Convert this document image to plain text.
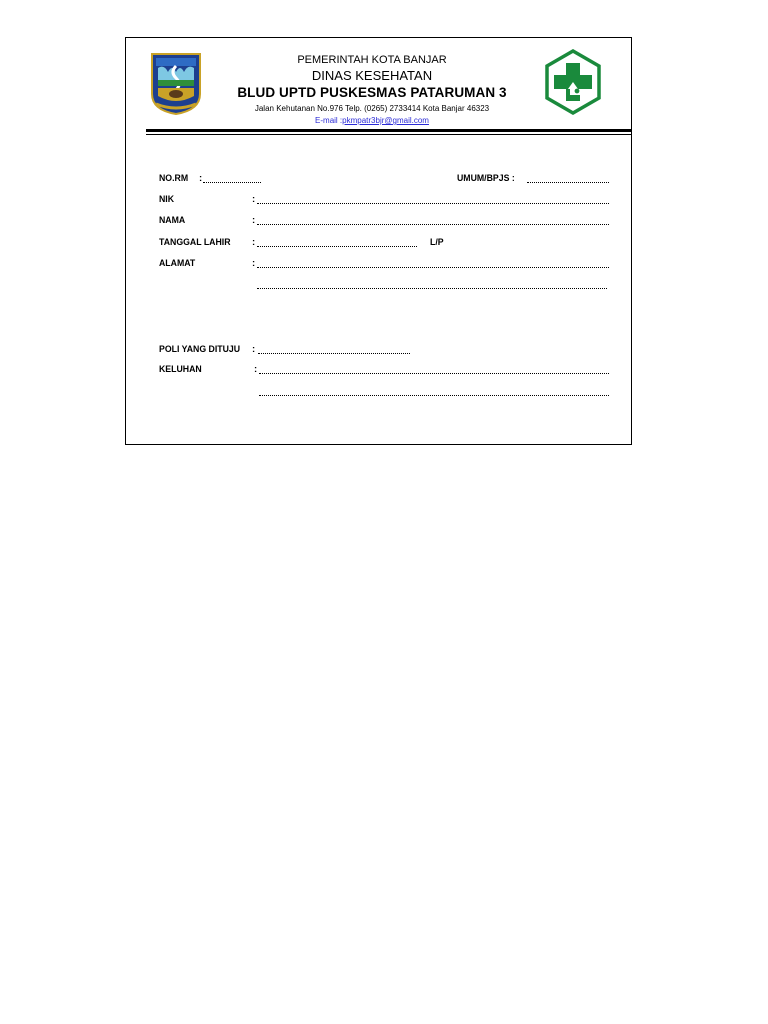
PEMERINTAH KOTA BANJAR
DINAS KESEHATAN
BLUD UPTD PUSKESMAS PATARUMAN 3
Jalan Kehutanan No.976 Telp. (0265) 2733414 Kota Banjar 46323
E-mail :pkmpatr3bjr@gmail.com
NO.RM :	UMUM/BPJS :
NIK	:
NAMA	:
TANGGAL LAHIR :	L/P
ALAMAT	:
POLI YANG DITUJU :
KELUHAN	:
